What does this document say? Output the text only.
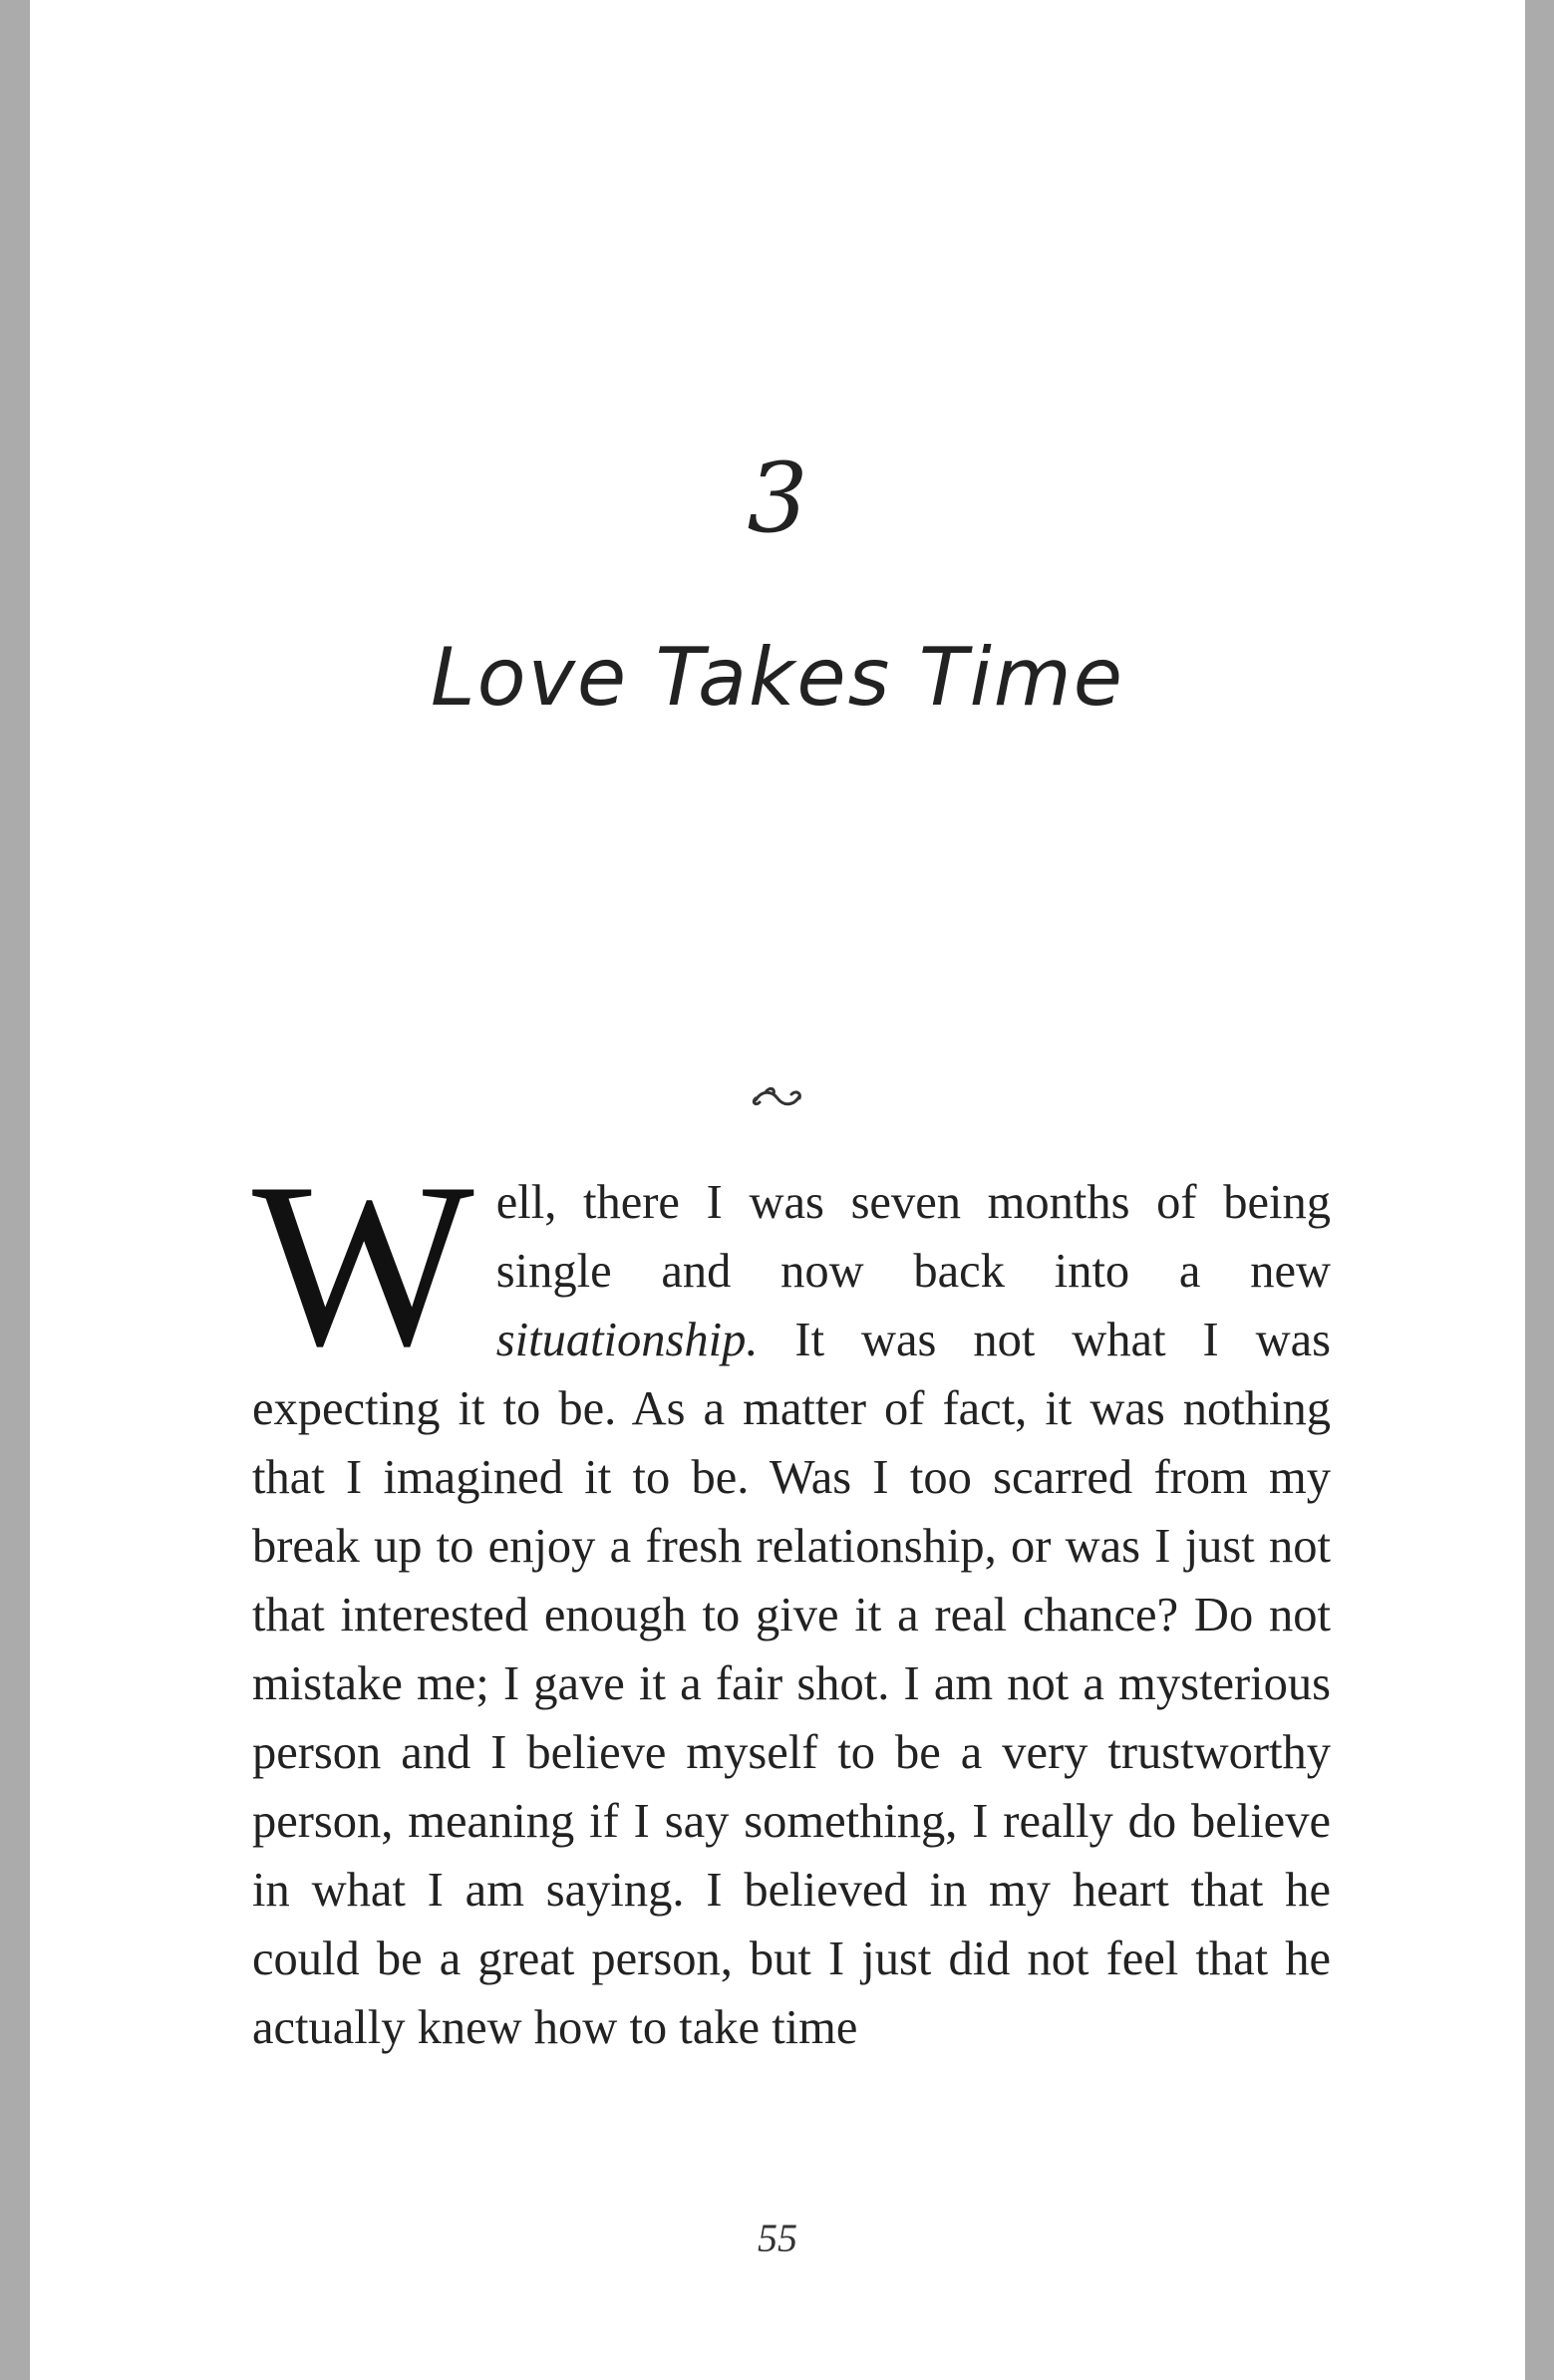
3
Love Takes Time

Well, there I was seven months of being single and now back into a new situationship. It was not what I was expecting it to be. As a matter of fact, it was nothing that I imagined it to be. Was I too scarred from my break up to enjoy a fresh relationship, or was I just not that interested enough to give it a real chance? Do not mistake me; I gave it a fair shot. I am not a mysterious person and I believe myself to be a very trustworthy person, meaning if I say something, I really do believe in what I am saying. I believed in my heart that he could be a great person, but I just did not feel that he actually knew how to take time

55
